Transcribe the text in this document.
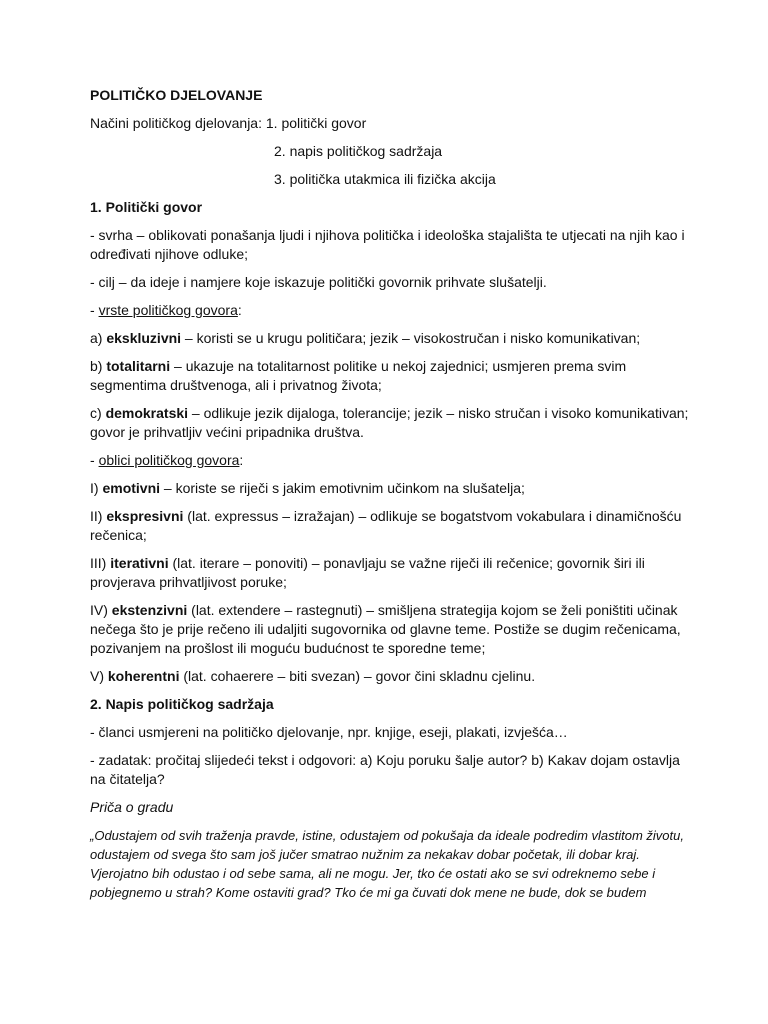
POLITIČKO DJELOVANJE
Načini političkog djelovanja: 1. politički govor
2. napis političkog sadržaja
3. politička utakmica ili fizička akcija
1. Politički govor
- svrha – oblikovati ponašanja ljudi i njihova politička i ideološka stajališta te utjecati na njih kao i određivati njihove odluke;
- cilj – da ideje i namjere koje iskazuje politički govornik prihvate slušatelji.
- vrste političkog govora:
a) ekskluzivni – koristi se u krugu političara; jezik – visokostručan i nisko komunikativan;
b) totalitarni – ukazuje na totalitarnost politike u nekoj zajednici; usmjeren prema svim segmentima društvenoga, ali i privatnog života;
c) demokratski – odlikuje jezik dijaloga, tolerancije; jezik – nisko stručan i visoko komunikativan; govor je prihvatljiv većini pripadnika društva.
- oblici političkog govora:
I) emotivni – koriste se riječi s jakim emotivnim učinkom na slušatelja;
II) ekspresivni (lat. expressus – izražajan) – odlikuje se bogatstvom vokabulara i dinamičnošću rečenica;
III) iterativni (lat. iterare – ponoviti) – ponavljaju se važne riječi ili rečenice; govornik širi ili provjerava prihvatljivost poruke;
IV) ekstenzivni (lat. extendere – rastegnuti) – smišljena strategija kojom se želi poništiti učinak nečega što je prije rečeno ili udaljiti sugovornika od glavne teme. Postiže se dugim rečenicama, pozivanjem na prošlost ili moguću budućnost te sporedne teme;
V) koherentni (lat. cohaerere – biti svezan) – govor čini skladnu cjelinu.
2. Napis političkog sadržaja
- članci usmjereni na političko djelovanje, npr. knjige, eseji, plakati, izvješća…
- zadatak: pročitaj slijedeći tekst i odgovori: a) Koju poruku šalje autor? b) Kakav dojam ostavlja na čitatelja?
Priča o gradu
„Odustajem od svih traženja pravde, istine, odustajem od pokušaja da ideale podredim vlastitom životu, odustajem od svega što sam još jučer smatrao nužnim za nekakav dobar početak, ili dobar kraj. Vjerojatno bih odustao i od sebe sama, ali ne mogu. Jer, tko će ostati ako se svi odreknemo sebe i pobjegnemo u strah? Kome ostaviti grad? Tko će mi ga čuvati dok mene ne bude, dok se budem
